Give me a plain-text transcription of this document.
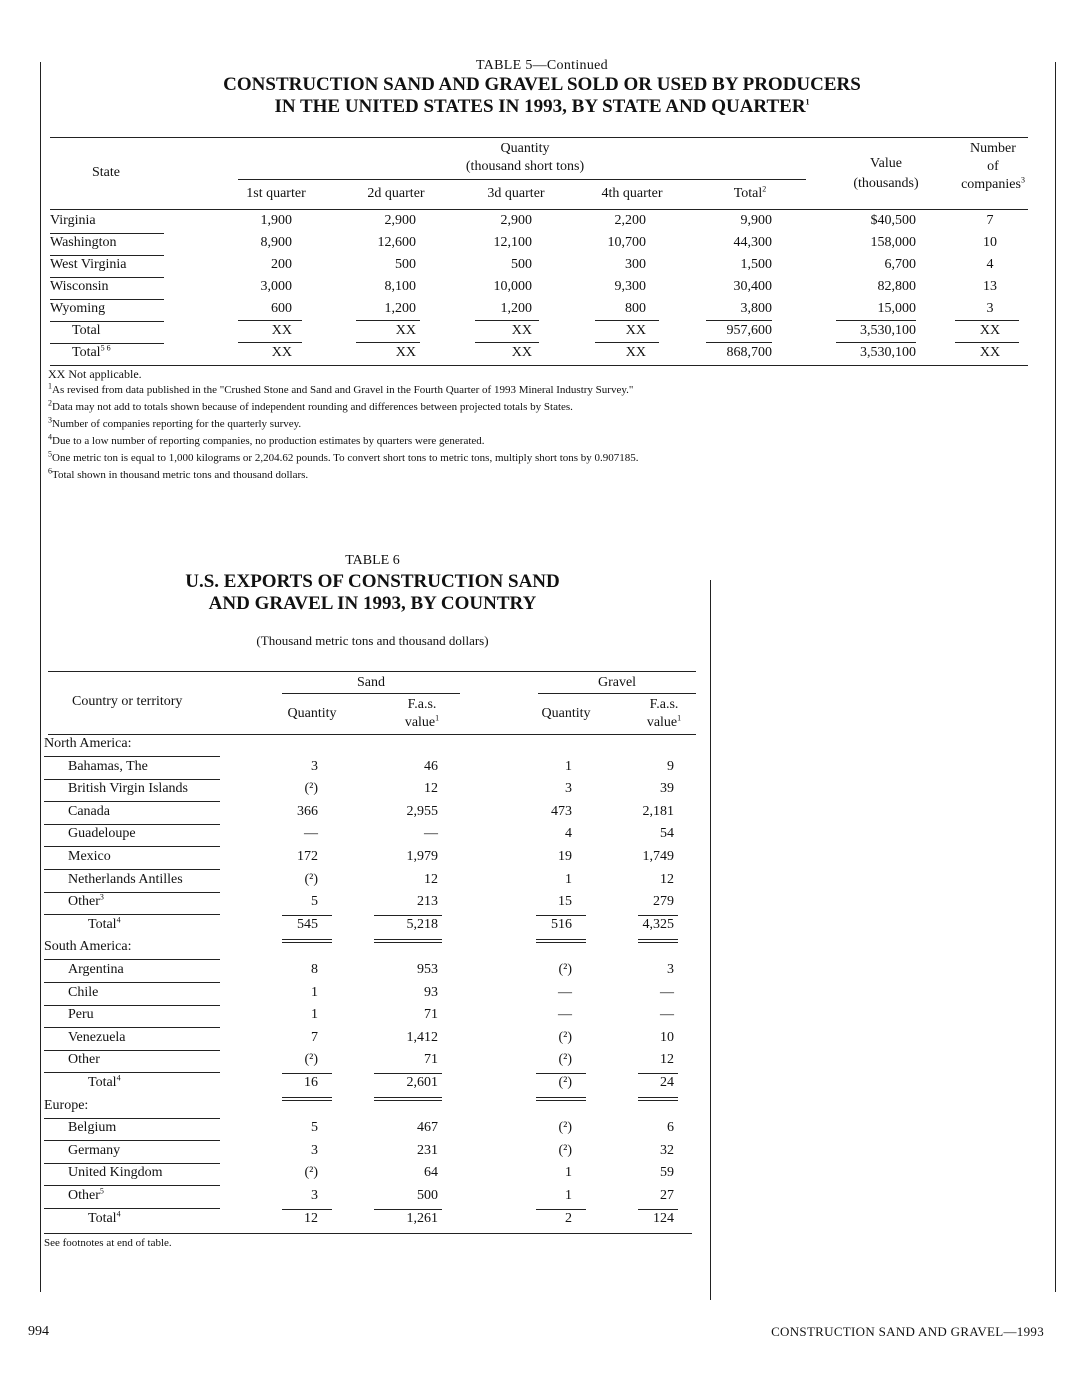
TABLE 5—Continued
CONSTRUCTION SAND AND GRAVEL SOLD OR USED BY PRODUCERS
IN THE UNITED STATES IN 1993, BY STATE AND QUARTER$^1$
State
Quantity
(thousand short tons)
1st quarter	2d quarter	3d quarter	4th quarter	Total$^2$
Value
(thousands)
Number
of
companies$^3$
Virginia	1,900	2,900	2,900	2,200	9,900	$40,500	7
Washington	8,900	12,600	12,100	10,700	44,300	158,000	10
West Virginia	200	500	500	300	1,500	6,700	4
Wisconsin	3,000	8,100	10,000	9,300	30,400	82,800	13
Wyoming	600	1,200	1,200	800	3,800	15,000	3
Total	XX	XX	XX	XX	957,600	3,530,100	XX
Total$^{5 6}$	XX	XX	XX	XX	868,700	3,530,100	XX
XX Not applicable.
$^1$As revised from data published in the "Crushed Stone and Sand and Gravel in the Fourth Quarter of 1993 Mineral Industry Survey."
$^2$Data may not add to totals shown because of independent rounding and differences between projected totals by States.
$^3$Number of companies reporting for the quarterly survey.
$^4$Due to a low number of reporting companies, no production estimates by quarters were generated.
$^5$One metric ton is equal to 1,000 kilograms or 2,204.62 pounds. To convert short tons to metric tons, multiply short tons by 0.907185.
$^6$Total shown in thousand metric tons and thousand dollars.
TABLE 6
U.S. EXPORTS OF CONSTRUCTION SAND
AND GRAVEL IN 1993, BY COUNTRY
(Thousand metric tons and thousand dollars)
Country or territory
Sand	Gravel
Quantity
F.a.s.
value$^1$	Quantity
F.a.s.
value$^1$
North America:
Bahamas, The	3	46	1	9
British Virgin Islands	(²)	12	3	39
Canada	366	2,955	473	2,181
Guadeloupe	—	—	4	54
Mexico	172	1,979	19	1,749
Netherlands Antilles	(²)	12	1	12
Other$^3$	5	213	15	279
Total$^4$	545	5,218	516	4,325
South America:
Argentina	8	953	(²)	3
Chile	1	93	—	—
Peru	1	71	—	—
Venezuela	7	1,412	(²)	10
Other	(²)	71	(²)	12
Total$^4$	16	2,601	(²)	24
Europe:
Belgium	5	467	(²)	6
Germany	3	231	(²)	32
United Kingdom	(²)	64	1	59
Other$^5$	3	500	1	27
Total$^4$	12	1,261	2	124
See footnotes at end of table.
994	CONSTRUCTION SAND AND GRAVEL—1993
